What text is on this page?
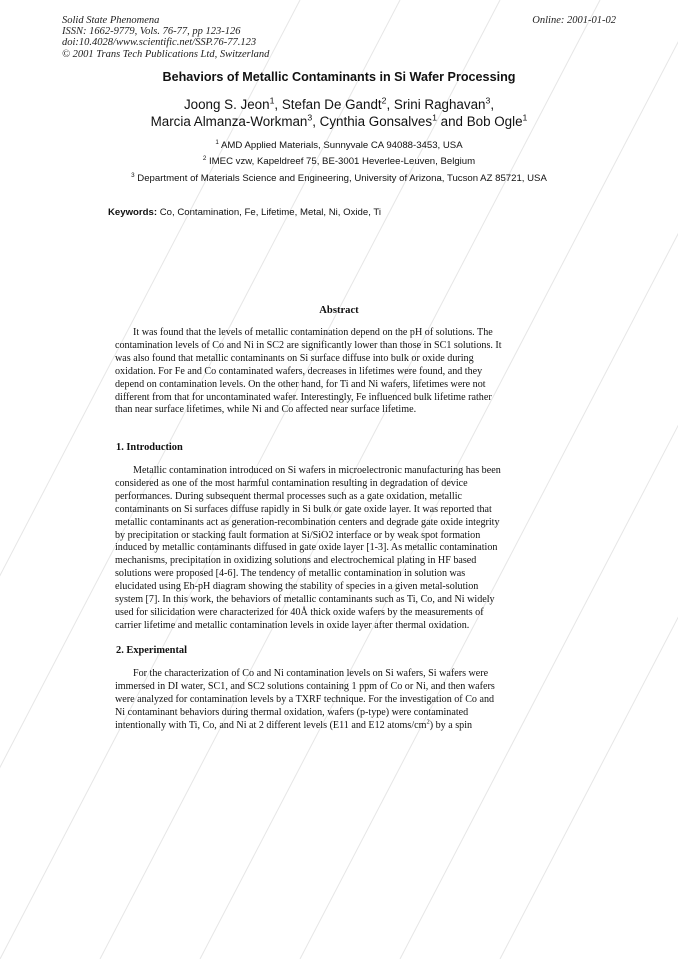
Solid State Phenomena
ISSN: 1662-9779, Vols. 76-77, pp 123-126
doi:10.4028/www.scientific.net/SSP.76-77.123
© 2001 Trans Tech Publications Ltd, Switzerland
Online: 2001-01-02
Behaviors of Metallic Contaminants in Si Wafer Processing
Joong S. Jeon$^1$, Stefan De Gandt$^2$, Srini Raghavan$^3$,
Marcia Almanza-Workman$^3$, Cynthia Gonsalves$^1$ and Bob Ogle$^1$
$^1$ AMD Applied Materials, Sunnyvale CA 94088-3453, USA
$^2$ IMEC vzw, Kapeldreef 75, BE-3001 Heverlee-Leuven, Belgium
$^3$ Department of Materials Science and Engineering, University of Arizona, Tucson AZ 85721, USA
Keywords: Co, Contamination, Fe, Lifetime, Metal, Ni, Oxide, Ti
Abstract
It was found that the levels of metallic contamination depend on the pH of solutions. The
contamination levels of Co and Ni in SC2 are significantly lower than those in SC1 solutions. It
was also found that metallic contaminants on Si surface diffuse into bulk or oxide during
oxidation. For Fe and Co contaminated wafers, decreases in lifetimes were found, and they
depend on contamination levels. On the other hand, for Ti and Ni wafers, lifetimes were not
different from that for uncontaminated wafer. Interestingly, Fe influenced bulk lifetime rather
than near surface lifetimes, while Ni and Co affected near surface lifetime.
1. Introduction
Metallic contamination introduced on Si wafers in microelectronic manufacturing has been
considered as one of the most harmful contamination resulting in degradation of device
performances. During subsequent thermal processes such as a gate oxidation, metallic
contaminants on Si surfaces diffuse rapidly in Si bulk or gate oxide layer. It was reported that
metallic contaminants act as generation-recombination centers and degrade gate oxide integrity
by precipitation or stacking fault formation at Si/SiO2 interface or by weak spot formation
induced by metallic contaminants diffused in gate oxide layer [1-3]. As metallic contamination
mechanisms, precipitation in oxidizing solutions and electrochemical plating in HF based
solutions were proposed [4-6]. The tendency of metallic contamination in solution was
elucidated using Eh-pH diagram showing the stability of species in a given metal-solution
system [7]. In this work, the behaviors of metallic contaminants such as Ti, Co, and Ni widely
used for silicidation were characterized for 40Å thick oxide wafers by the measurements of
carrier lifetime and metallic contamination levels in oxide layer after thermal oxidation.
2. Experimental
For the characterization of Co and Ni contamination levels on Si wafers, Si wafers were
immersed in DI water, SC1, and SC2 solutions containing 1 ppm of Co or Ni, and then wafers
were analyzed for contamination levels by a TXRF technique. For the investigation of Co and
Ni contaminant behaviors during thermal oxidation, wafers (p-type) were contaminated
intentionally with Ti, Co, and Ni at 2 different levels (E11 and E12 atoms/$cm^2$) by a spin
